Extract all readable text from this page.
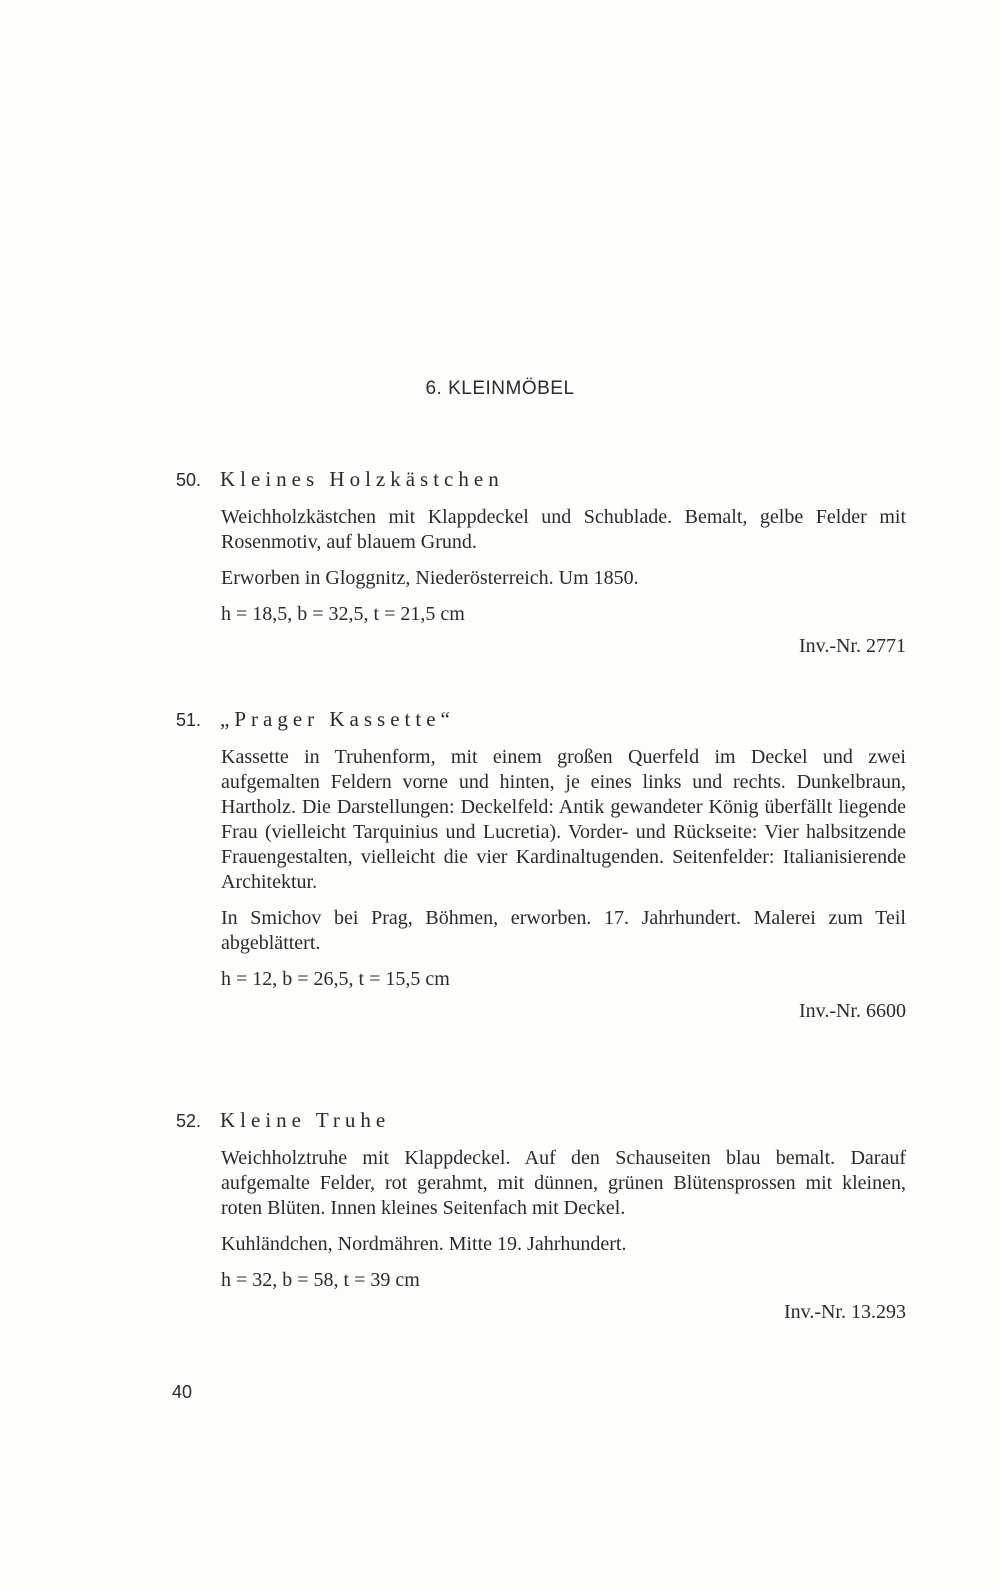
6. KLEINMÖBEL
50. Kleines Holzkästchen

Weichholzkästchen mit Klappdeckel und Schublade. Bemalt, gelbe Felder mit Rosenmotiv, auf blauem Grund.

Erworben in Gloggnitz, Niederösterreich. Um 1850.

h = 18,5, b = 32,5, t = 21,5 cm

Inv.-Nr. 2771
51. „Prager Kassette“

Kassette in Truhenform, mit einem großen Querfeld im Deckel und zwei aufgemalten Feldern vorne und hinten, je eines links und rechts. Dunkelbraun, Hartholz. Die Darstellungen: Deckelfeld: Antik gewandeter König überfällt liegende Frau (vielleicht Tarquinius und Lucretia). Vorder- und Rückseite: Vier halbsitzende Frauengestalten, vielleicht die vier Kardinaltugenden. Seitenfelder: Italianisierende Architektur.

In Smichov bei Prag, Böhmen, erworben. 17. Jahrhundert. Malerei zum Teil abgeblättert.

h = 12, b = 26,5, t = 15,5 cm

Inv.-Nr. 6600
52. Kleine Truhe

Weichholztruhe mit Klappdeckel. Auf den Schauseiten blau bemalt. Darauf aufgemalte Felder, rot gerahmt, mit dünnen, grünen Blütensprossen mit kleinen, roten Blüten. Innen kleines Seitenfach mit Deckel.

Kuhländchen, Nordmähren. Mitte 19. Jahrhundert.

h = 32, b = 58, t = 39 cm

Inv.-Nr. 13.293
40
